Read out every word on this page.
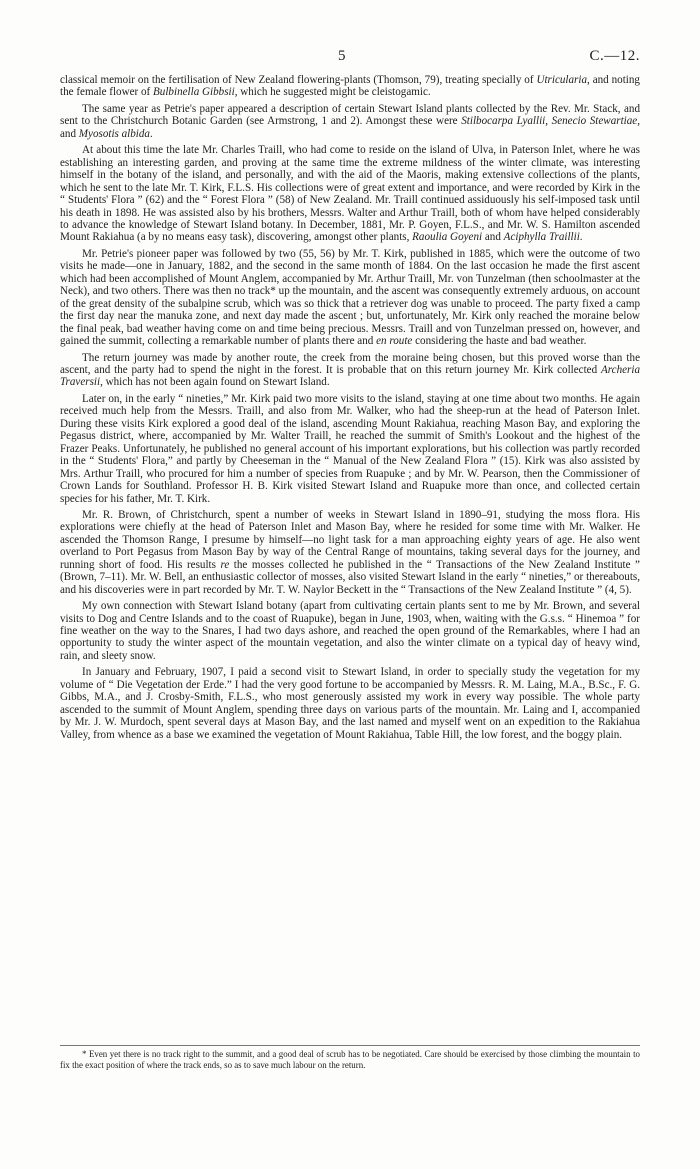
5	C.—12.

classical memoir on the fertilisation of New Zealand flowering-plants (Thomson, 79), treating specially of Utricularia, and noting the female flower of Bulbinella Gibbsii, which he suggested might be cleistogamic.

The same year as Petrie's paper appeared a description of certain Stewart Island plants collected by the Rev. Mr. Stack, and sent to the Christchurch Botanic Garden (see Armstrong, 1 and 2). Amongst these were Stilbocarpa Lyallii, Senecio Stewartiae, and Myosotis albida.

At about this time the late Mr. Charles Traill, who had come to reside on the island of Ulva, in Paterson Inlet, where he was establishing an interesting garden, and proving at the same time the extreme mildness of the winter climate, was interesting himself in the botany of the island, and personally, and with the aid of the Maoris, making extensive collections of the plants, which he sent to the late Mr. T. Kirk, F.L.S. His collections were of great extent and importance, and were recorded by Kirk in the “ Students' Flora ” (62) and the “ Forest Flora ” (58) of New Zealand. Mr. Traill continued assiduously his self-imposed task until his death in 1898. He was assisted also by his brothers, Messrs. Walter and Arthur Traill, both of whom have helped considerably to advance the knowledge of Stewart Island botany. In December, 1881, Mr. P. Goyen, F.L.S., and Mr. W. S. Hamilton ascended Mount Rakiahua (a by no means easy task), discovering, amongst other plants, Raoulia Goyeni and Aciphylla Traillii.

Mr. Petrie's pioneer paper was followed by two (55, 56) by Mr. T. Kirk, published in 1885, which were the outcome of two visits he made—one in January, 1882, and the second in the same month of 1884. On the last occasion he made the first ascent which had been accomplished of Mount Anglem, accompanied by Mr. Arthur Traill, Mr. von Tunzelman (then schoolmaster at the Neck), and two others. There was then no track* up the mountain, and the ascent was consequently extremely arduous, on account of the great density of the subalpine scrub, which was so thick that a retriever dog was unable to proceed. The party fixed a camp the first day near the manuka zone, and next day made the ascent ; but, unfortunately, Mr. Kirk only reached the moraine below the final peak, bad weather having come on and time being precious. Messrs. Traill and von Tunzelman pressed on, however, and gained the summit, collecting a remarkable number of plants there and en route considering the haste and bad weather.

The return journey was made by another route, the creek from the moraine being chosen, but this proved worse than the ascent, and the party had to spend the night in the forest. It is probable that on this return journey Mr. Kirk collected Archeria Traversii, which has not been again found on Stewart Island.

Later on, in the early “ nineties,” Mr. Kirk paid two more visits to the island, staying at one time about two months. He again received much help from the Messrs. Traill, and also from Mr. Walker, who had the sheep-run at the head of Paterson Inlet. During these visits Kirk explored a good deal of the island, ascending Mount Rakiahua, reaching Mason Bay, and exploring the Pegasus district, where, accompanied by Mr. Walter Traill, he reached the summit of Smith's Lookout and the highest of the Frazer Peaks. Unfortunately, he published no general account of his important explorations, but his collection was partly recorded in the “ Students' Flora,” and partly by Cheeseman in the “ Manual of the New Zealand Flora ” (15). Kirk was also assisted by Mrs. Arthur Traill, who procured for him a number of species from Ruapuke ; and by Mr. W. Pearson, then the Commissioner of Crown Lands for Southland. Professor H. B. Kirk visited Stewart Island and Ruapuke more than once, and collected certain species for his father, Mr. T. Kirk.

Mr. R. Brown, of Christchurch, spent a number of weeks in Stewart Island in 1890–91, studying the moss flora. His explorations were chiefly at the head of Paterson Inlet and Mason Bay, where he resided for some time with Mr. Walker. He ascended the Thomson Range, I presume by himself—no light task for a man approaching eighty years of age. He also went overland to Port Pegasus from Mason Bay by way of the Central Range of mountains, taking several days for the journey, and running short of food. His results re the mosses collected he published in the “ Transactions of the New Zealand Institute ” (Brown, 7–11). Mr. W. Bell, an enthusiastic collector of mosses, also visited Stewart Island in the early “ nineties,” or thereabouts, and his discoveries were in part recorded by Mr. T. W. Naylor Beckett in the “ Transactions of the New Zealand Institute ” (4, 5).

My own connection with Stewart Island botany (apart from cultivating certain plants sent to me by Mr. Brown, and several visits to Dog and Centre Islands and to the coast of Ruapuke), began in June, 1903, when, waiting with the G.s.s. “ Hinemoa ” for fine weather on the way to the Snares, I had two days ashore, and reached the open ground of the Remarkables, where I had an opportunity to study the winter aspect of the mountain vegetation, and also the winter climate on a typical day of heavy wind, rain, and sleety snow.

In January and February, 1907, I paid a second visit to Stewart Island, in order to specially study the vegetation for my volume of “ Die Vegetation der Erde.” I had the very good fortune to be accompanied by Messrs. R. M. Laing, M.A., B.Sc., F. G. Gibbs, M.A., and J. Crosby-Smith, F.L.S., who most generously assisted my work in every way possible. The whole party ascended to the summit of Mount Anglem, spending three days on various parts of the mountain. Mr. Laing and I, accompanied by Mr. J. W. Murdoch, spent several days at Mason Bay, and the last named and myself went on an expedition to the Rakiahua Valley, from whence as a base we examined the vegetation of Mount Rakiahua, Table Hill, the low forest, and the boggy plain.

* Even yet there is no track right to the summit, and a good deal of scrub has to be negotiated. Care should be exercised by those climbing the mountain to fix the exact position of where the track ends, so as to save much labour on the return.
